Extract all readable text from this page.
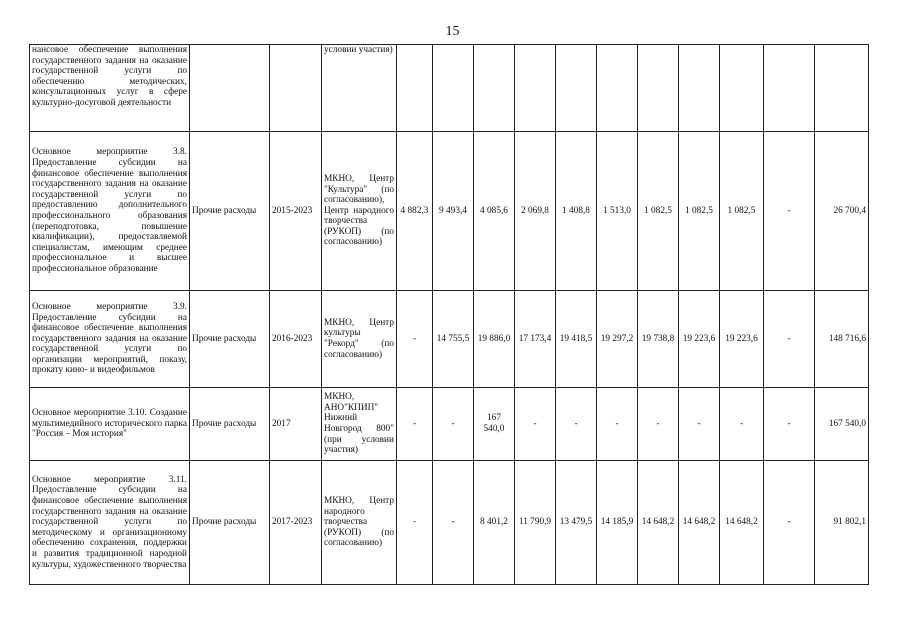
15
нансовое обеспечение выполнения государственного задания на оказание государственной услуги по обеспечению методических, консультационных услуг в сфере культурно-досуговой деятельности			условии участия)											
Основное мероприятие 3.8. Предоставление субсидии на финансовое обеспечение выполнения государственного задания на оказание государственной услуги по предоставлению дополнительного профессионального образования (переподготовка, повышение квалификации), предоставляемой специалистам, имеющим среднее профессиональное и высшее профессиональное образование	Прочие расходы	2015-2023	МКНО, Центр "Культура" (по согласованию), Центр народного творчества (РУКОП) (по согласованию)	4 882,3	9 493,4	4 085,6	2 069,8	1 408,8	1 513,0	1 082,5	1 082,5	1 082,5	-	26 700,4
Основное мероприятие 3.9. Предоставление субсидии на финансовое обеспечение выполнения государственного задания на оказание государственной услуги по организации мероприятий, показу, прокату кино- и видеофильмов	Прочие расходы	2016-2023	МКНО, Центр культуры "Рекорд" (по согласованию)	-	14 755,5	19 886,0	17 173,4	19 418,5	19 297,2	19 738,8	19 223,6	19 223,6	-	148 716,6
Основное мероприятие 3.10. Создание мультимедийного исторического парка "Россия – Моя история"	Прочие расходы	2017	МКНО, АНО"КПИП" Нижний Новгород 800" (при условии участия)	-	-	167 540,0	-	-	-	-	-	-	-	167 540,0
Основное мероприятие 3.11. Предоставление субсидии на финансовое обеспечение выполнения государственного задания на оказание государственной услуги по методическому и организационному обеспечению сохранения, поддержки и развития традиционной народной культуры, художественного творчества	Прочие расходы	2017-2023	МКНО, Центр народного творчества (РУКОП) (по согласованию)	-	-	8 401,2	11 790,9	13 479,5	14 185,9	14 648,2	14 648,2	14 648,2	-	91 802,1
